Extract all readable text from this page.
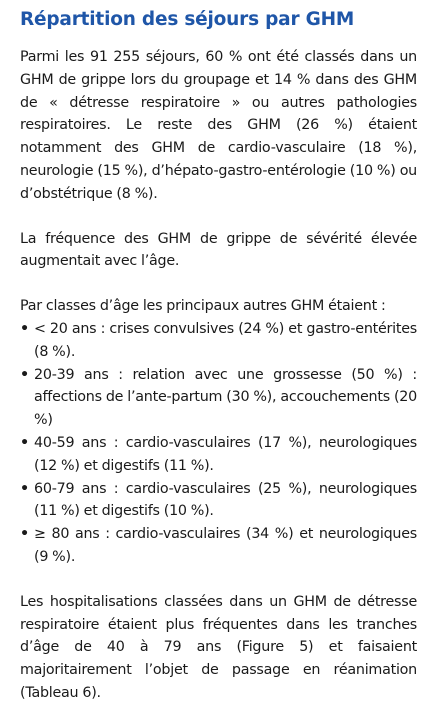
Répartition des séjours par GHM

Parmi les 91 255 séjours, 60 % ont été classés dans un GHM de grippe lors du groupage et 14 % dans des GHM de « détresse respiratoire » ou autres pathologies respiratoires. Le reste des GHM (26 %) étaient notamment des GHM de cardio-vasculaire (18 %), neurologie (15 %), d’hépato-gastro-entérologie (10 %) ou d’obstétrique (8 %).

La fréquence des GHM de grippe de sévérité élevée augmentait avec l’âge.

Par classes d’âge les principaux autres GHM étaient :

• < 20 ans : crises convulsives (24 %) et gastro-entérites (8 %).
• 20-39 ans : relation avec une grossesse (50 %) : affections de l’ante-partum (30 %), accouchements (20 %)
• 40-59 ans : cardio-vasculaires (17 %), neurologiques (12 %) et digestifs (11 %).
• 60-79 ans : cardio-vasculaires (25 %), neurologiques (11 %) et digestifs (10 %).
• ≥ 80 ans : cardio-vasculaires (34 %) et neurologiques (9 %).

Les hospitalisations classées dans un GHM de détresse respiratoire étaient plus fréquentes dans les tranches d’âge de 40 à 79 ans (Figure 5) et faisaient majoritairement l’objet de passage en réanimation (Tableau 6).
